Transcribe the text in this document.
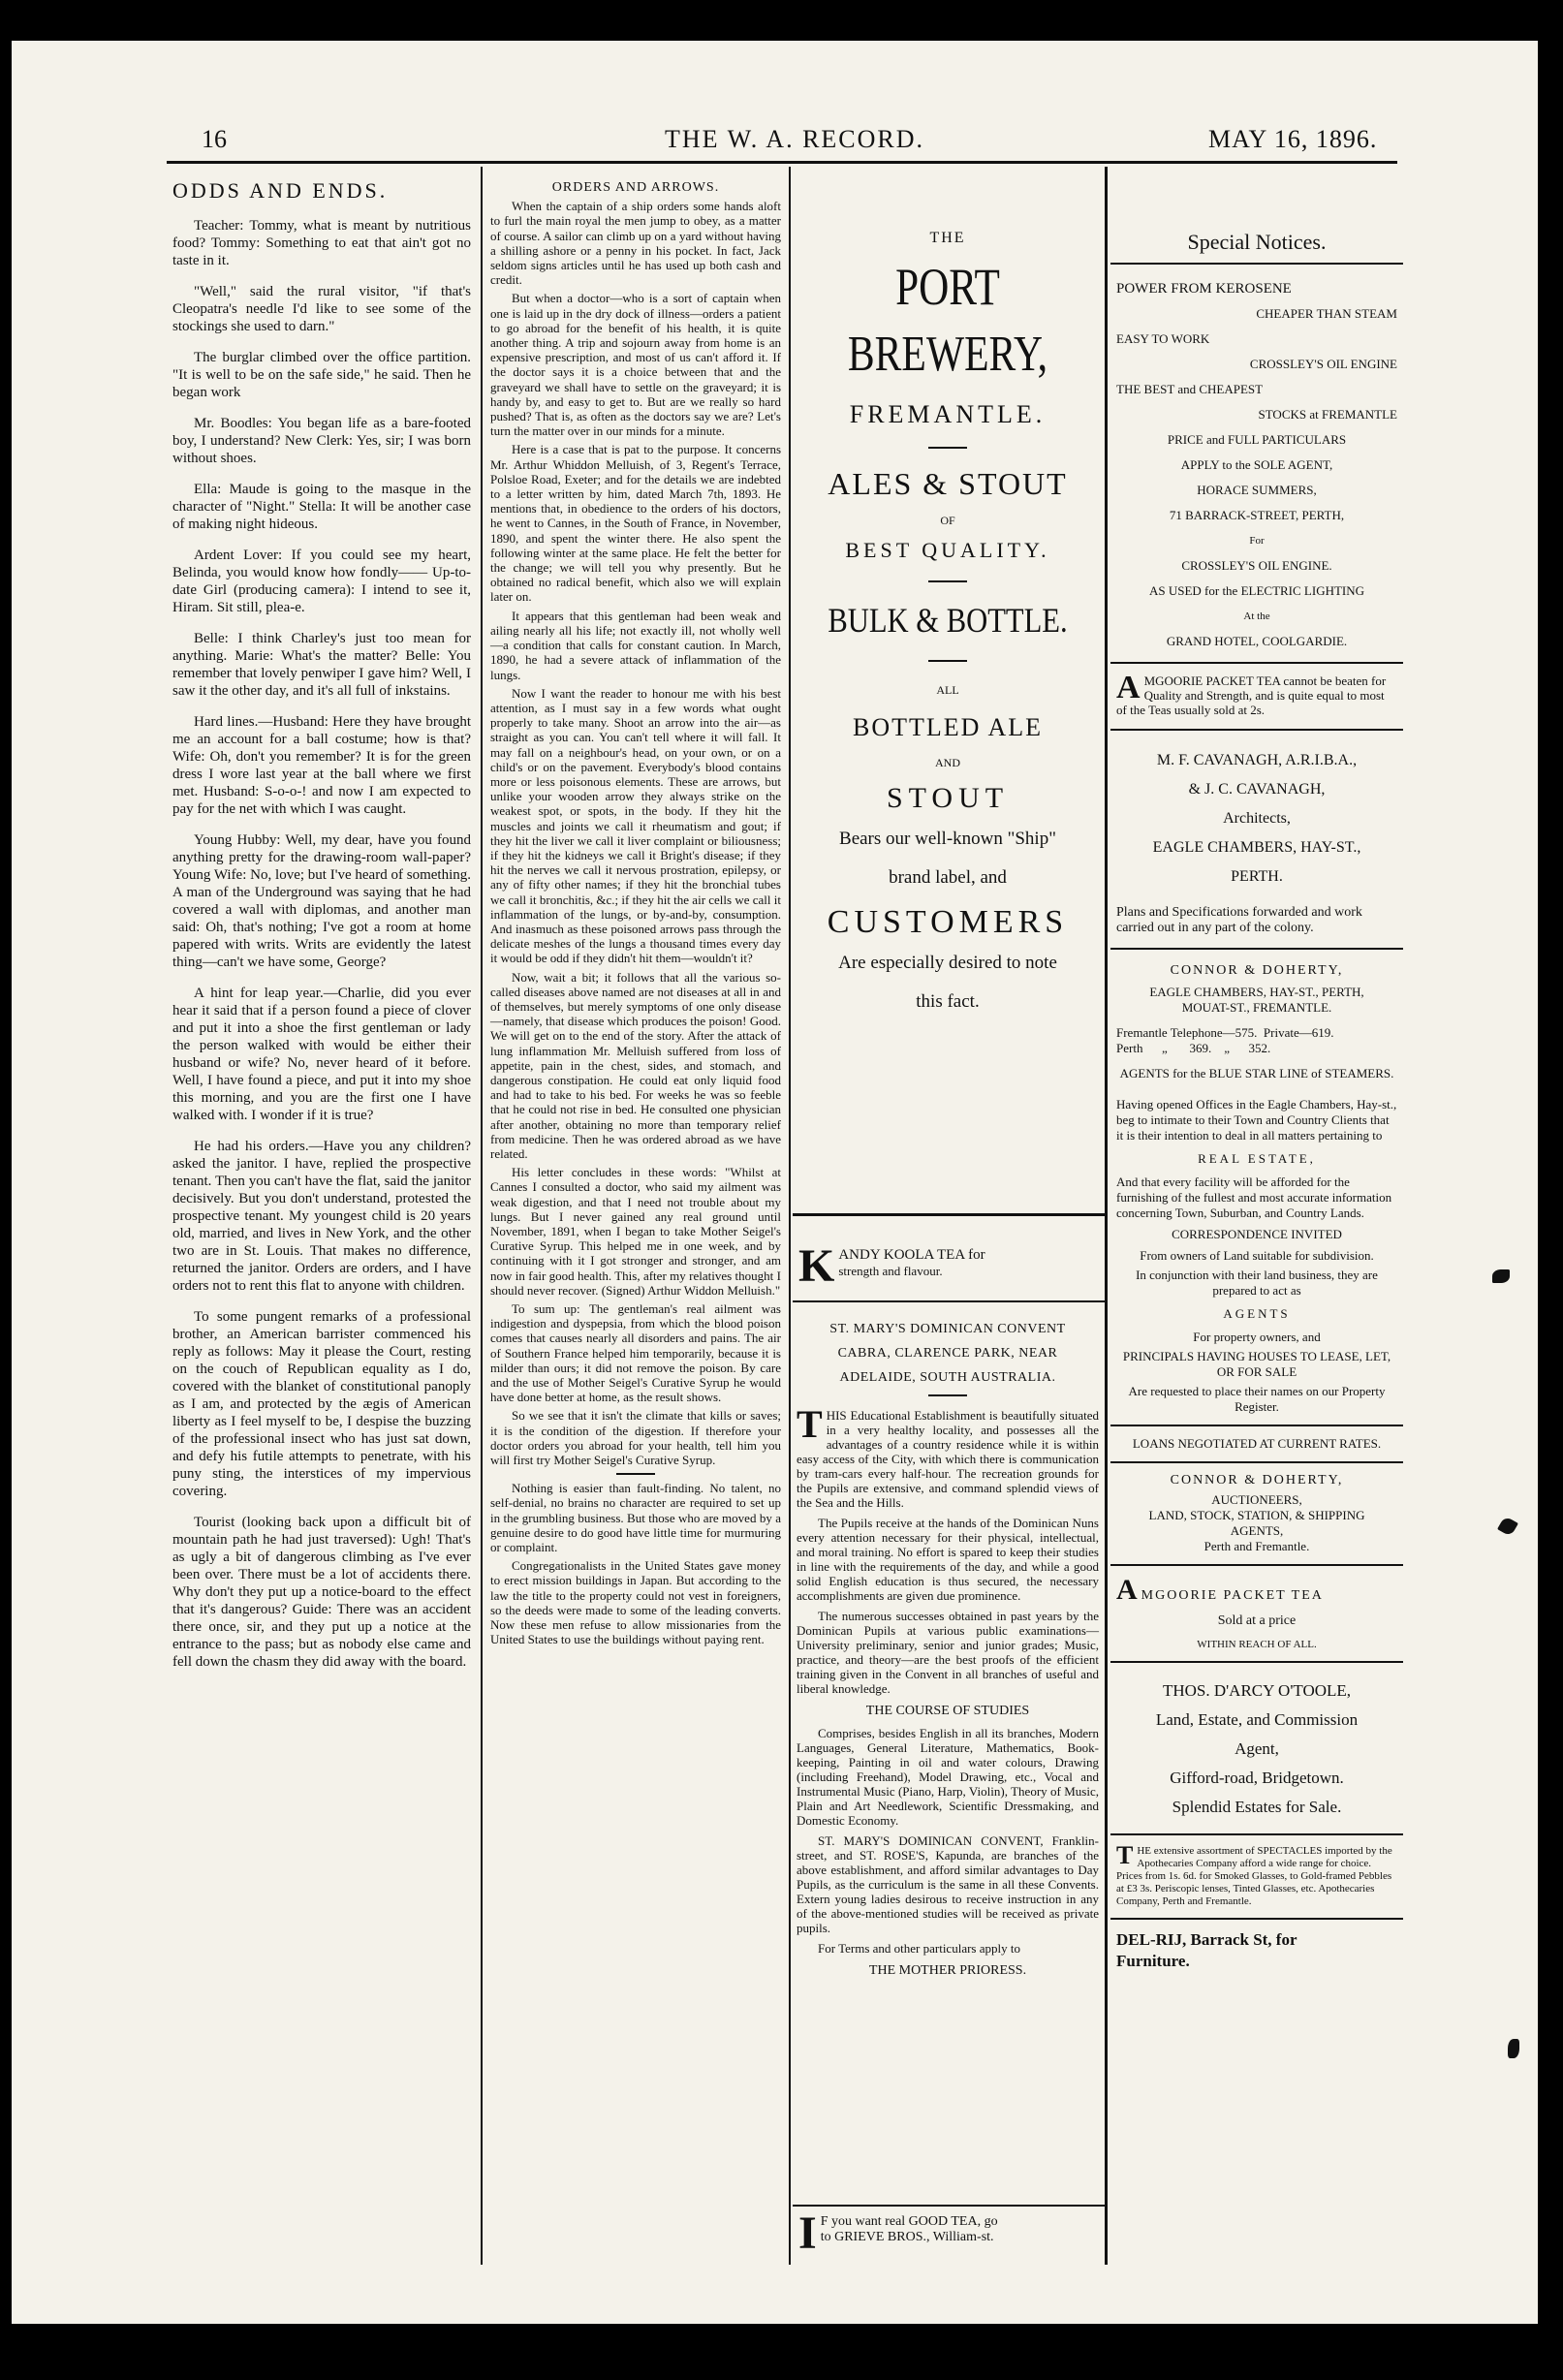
16	THE W. A. RECORD.	MAY 16, 1896.
ODDS AND ENDS.

Teacher: Tommy, what is meant by nutritious food? Tommy: Something to eat that ain't got no taste in it.

"Well," said the rural visitor, "if that's Cleopatra's needle I'd like to see some of the stockings she used to darn."

The burglar climbed over the office partition. "It is well to be on the safe side," he said. Then he began work

Mr. Boodles: You began life as a bare-footed boy, I understand? New Clerk: Yes, sir; I was born without shoes.

Ella: Maude is going to the masque in the character of "Night." Stella: It will be another case of making night hideous.

Ardent Lover: If you could see my heart, Belinda, you would know how fondly—— Up-to-date Girl (producing camera): I intend to see it, Hiram. Sit still, plea-e.

Belle: I think Charley's just too mean for anything. Marie: What's the matter? Belle: You remember that lovely penwiper I gave him? Well, I saw it the other day, and it's all full of inkstains.

Hard lines.—Husband: Here they have brought me an account for a ball costume; how is that? Wife: Oh, don't you remember? It is for the green dress I wore last year at the ball where we first met. Husband: S-o-o-! and now I am expected to pay for the net with which I was caught.

Young Hubby: Well, my dear, have you found anything pretty for the drawing-room wall-paper? Young Wife: No, love; but I've heard of something. A man of the Underground was saying that he had covered a wall with diplomas, and another man said: Oh, that's nothing; I've got a room at home papered with writs. Writs are evidently the latest thing—can't we have some, George?

A hint for leap year.—Charlie, did you ever hear it said that if a person found a piece of clover and put it into a shoe the first gentleman or lady the person walked with would be either their husband or wife? No, never heard of it before. Well, I have found a piece, and put it into my shoe this morning, and you are the first one I have walked with. I wonder if it is true?

He had his orders.—Have you any children? asked the janitor. I have, replied the prospective tenant. Then you can't have the flat, said the janitor decisively. But you don't understand, protested the prospective tenant. My youngest child is 20 years old, married, and lives in New York, and the other two are in St. Louis. That makes no difference, returned the janitor. Orders are orders, and I have orders not to rent this flat to anyone with children.

To some pungent remarks of a professional brother, an American barrister commenced his reply as follows: May it please the Court, resting on the couch of Republican equality as I do, covered with the blanket of constitutional panoply as I am, and protected by the ægis of American liberty as I feel myself to be, I despise the buzzing of the professional insect who has just sat down, and defy his futile attempts to penetrate, with his puny sting, the interstices of my impervious covering.

Tourist (looking back upon a difficult bit of mountain path he had just traversed): Ugh! That's as ugly a bit of dangerous climbing as I've ever been over. There must be a lot of accidents there. Why don't they put up a notice-board to the effect that it's dangerous? Guide: There was an accident there once, sir, and they put up a notice at the entrance to the pass; but as nobody else came and fell down the chasm they did away with the board.

ORDERS AND ARROWS.

When the captain of a ship orders some hands aloft to furl the main royal the men jump to obey, as a matter of course. A sailor can climb up on a yard without having a shilling ashore or a penny in his pocket. In fact, Jack seldom signs articles until he has used up both cash and credit.

But when a doctor—who is a sort of captain when one is laid up in the dry dock of illness—orders a patient to go abroad for the benefit of his health, it is quite another thing. A trip and sojourn away from home is an expensive prescription, and most of us can't afford it. If the doctor says it is a choice between that and the graveyard we shall have to settle on the graveyard; it is handy by, and easy to get to. But are we really so hard pushed? That is, as often as the doctors say we are? Let's turn the matter over in our minds for a minute.

Here is a case that is pat to the purpose. It concerns Mr. Arthur Whiddon Melluish, of 3, Regent's Terrace, Polsloe Road, Exeter; and for the details we are indebted to a letter written by him, dated March 7th, 1893. He mentions that, in obedience to the orders of his doctors, he went to Cannes, in the South of France, in November, 1890, and spent the winter there. He also spent the following winter at the same place. He felt the better for the change; we will tell you why presently. But he obtained no radical benefit, which also we will explain later on.

It appears that this gentleman had been weak and ailing nearly all his life; not exactly ill, not wholly well—a condition that calls for constant caution. In March, 1890, he had a severe attack of inflammation of the lungs.

Now I want the reader to honour me with his best attention, as I must say in a few words what ought properly to take many. Shoot an arrow into the air—as straight as you can. You can't tell where it will fall. It may fall on a neighbour's head, on your own, or on a child's or on the pavement. Everybody's blood contains more or less poisonous elements. These are arrows, but unlike your wooden arrow they always strike on the weakest spot, or spots, in the body. If they hit the muscles and joints we call it rheumatism and gout; if they hit the liver we call it liver complaint or biliousness; if they hit the kidneys we call it Bright's disease; if they hit the nerves we call it nervous prostration, epilepsy, or any of fifty other names; if they hit the bronchial tubes we call it bronchitis, &c.; if they hit the air cells we call it inflammation of the lungs, or by-and-by, consumption. And inasmuch as these poisoned arrows pass through the delicate meshes of the lungs a thousand times every day it would be odd if they didn't hit them—wouldn't it?

Now, wait a bit; it follows that all the various so-called diseases above named are not diseases at all in and of themselves, but merely symptoms of one only disease—namely, that disease which produces the poison! Good. We will get on to the end of the story. After the attack of lung inflammation Mr. Melluish suffered from loss of appetite, pain in the chest, sides, and stomach, and dangerous constipation. He could eat only liquid food and had to take to his bed. For weeks he was so feeble that he could not rise in bed. He consulted one physician after another, obtaining no more than temporary relief from medicine. Then he was ordered abroad as we have related.

His letter concludes in these words: "Whilst at Cannes I consulted a doctor, who said my ailment was weak digestion, and that I need not trouble about my lungs. But I never gained any real ground until November, 1891, when I began to take Mother Seigel's Curative Syrup. This helped me in one week, and by continuing with it I got stronger and stronger, and am now in fair good health. This, after my relatives thought I should never recover. (Signed) Arthur Widdon Melluish."

To sum up: The gentleman's real ailment was indigestion and dyspepsia, from which the blood poison comes that causes nearly all disorders and pains. The air of Southern France helped him temporarily, because it is milder than ours; it did not remove the poison. By care and the use of Mother Seigel's Curative Syrup he would have done better at home, as the result shows.

So we see that it isn't the climate that kills or saves; it is the condition of the digestion. If therefore your doctor orders you abroad for your health, tell him you will first try Mother Seigel's Curative Syrup.

Nothing is easier than fault-finding. No talent, no self-denial, no brains no character are required to set up in the grumbling business. But those who are moved by a genuine desire to do good have little time for murmuring or complaint.

Congregationalists in the United States gave money to erect mission buildings in Japan. But according to the law the title to the property could not vest in foreigners, so the deeds were made to some of the leading converts. Now these men refuse to allow missionaries from the United States to use the buildings without paying rent.

THE
PORT
BREWERY,
FREMANTLE.
ALES & STOUT
OF
BEST QUALITY.
BULK & BOTTLE.
ALL
BOTTLED ALE
AND
STOUT
Bears our well-known "Ship"
brand label, and
CUSTOMERS
Are especially desired to note
this fact.
K ANDY KOOLA TEA for
strength and flavour.
ST. MARY'S DOMINICAN CONVENT
CABRA, CLARENCE PARK, NEAR
ADELAIDE, SOUTH AUSTRALIA.

THIS Educational Establishment is beautifully situated in a very healthy locality, and possesses all the advantages of a country residence while it is within easy access of the City, with which there is communication by tram-cars every half-hour. The recreation grounds for the Pupils are extensive, and command splendid views of the Sea and the Hills.

The Pupils receive at the hands of the Dominican Nuns every attention necessary for their physical, intellectual, and moral training. No effort is spared to keep their studies in line with the requirements of the day, and while a good solid English education is thus secured, the necessary accomplishments are given due prominence.

The numerous successes obtained in past years by the Dominican Pupils at various public examinations—University preliminary, senior and junior grades; Music, practice, and theory—are the best proofs of the efficient training given in the Convent in all branches of useful and liberal knowledge.

THE COURSE OF STUDIES

Comprises, besides English in all its branches, Modern Languages, General Literature, Mathematics, Book-keeping, Painting in oil and water colours, Drawing (including Freehand), Model Drawing, etc., Vocal and Instrumental Music (Piano, Harp, Violin), Theory of Music, Plain and Art Needlework, Scientific Dressmaking, and Domestic Economy.

ST. MARY'S DOMINICAN CONVENT, Franklin-street, and ST. ROSE'S, Kapunda, are branches of the above establishment, and afford similar advantages to Day Pupils, as the curriculum is the same in all these Convents. Extern young ladies desirous to receive instruction in any of the above-mentioned studies will be received as private pupils.

For Terms and other particulars apply to

THE MOTHER PRIORESS.
I F you want real GOOD TEA, go
to GRIEVE BROS., William-st.
Special Notices.
POWER FROM KEROSENE
CHEAPER THAN STEAM
EASY TO WORK
CROSSLEY'S OIL ENGINE
THE BEST and CHEAPEST
STOCKS at FREMANTLE
PRICE and FULL PARTICULARS
APPLY to the SOLE AGENT,
HORACE SUMMERS,
71 BARRACK-STREET, PERTH,
For
CROSSLEY'S OIL ENGINE.
AS USED for the ELECTRIC LIGHTING
At the
GRAND HOTEL, COOLGARDIE.
AMGOORIE PACKET TEA cannot be beaten for Quality and Strength, and is quite equal to most of the Teas usually sold at 2s.
M. F. CAVANAGH, A.R.I.B.A.,
& J. C. CAVANAGH,
Architects,
EAGLE CHAMBERS, HAY-ST.,
PERTH.
Plans and Specifications forwarded and work carried out in any part of the colony.
CONNOR & DOHERTY,
EAGLE CHAMBERS, HAY-ST., PERTH,
MOUAT-ST., FREMANTLE.
Fremantle Telephone—575.  Private—619.
Perth      „       369.    „      352.
AGENTS for the BLUE STAR LINE of STEAMERS.
Having opened Offices in the Eagle Chambers, Hay-st., beg to intimate to their Town and Country Clients that it is their intention to deal in all matters pertaining to
REAL ESTATE,
And that every facility will be afforded for the furnishing of the fullest and most accurate information concerning Town, Suburban, and Country Lands.
CORRESPONDENCE INVITED
From owners of Land suitable for subdivision.
In conjunction with their land business, they are prepared to act as
AGENTS
For property owners, and
PRINCIPALS HAVING HOUSES TO LEASE, LET, OR FOR SALE
Are requested to place their names on our Property Register.
LOANS NEGOTIATED AT CURRENT RATES.
CONNOR & DOHERTY,
AUCTIONEERS,
LAND, STOCK, STATION, & SHIPPING
AGENTS,
Perth and Fremantle.
AMGOORIE PACKET TEA
Sold at a price
WITHIN REACH OF ALL.
THOS. D'ARCY O'TOOLE,
Land, Estate, and Commission
Agent,
Gifford-road, Bridgetown.
Splendid Estates for Sale.
THE extensive assortment of SPECTACLES imported by the Apothecaries Company afford a wide range for choice. Prices from 1s. 6d. for Smoked Glasses, to Gold-framed Pebbles at £3 3s. Periscopic lenses, Tinted Glasses, etc. Apothecaries Company, Perth and Fremantle.
DEL-RIJ, Barrack St, for
Furniture.
